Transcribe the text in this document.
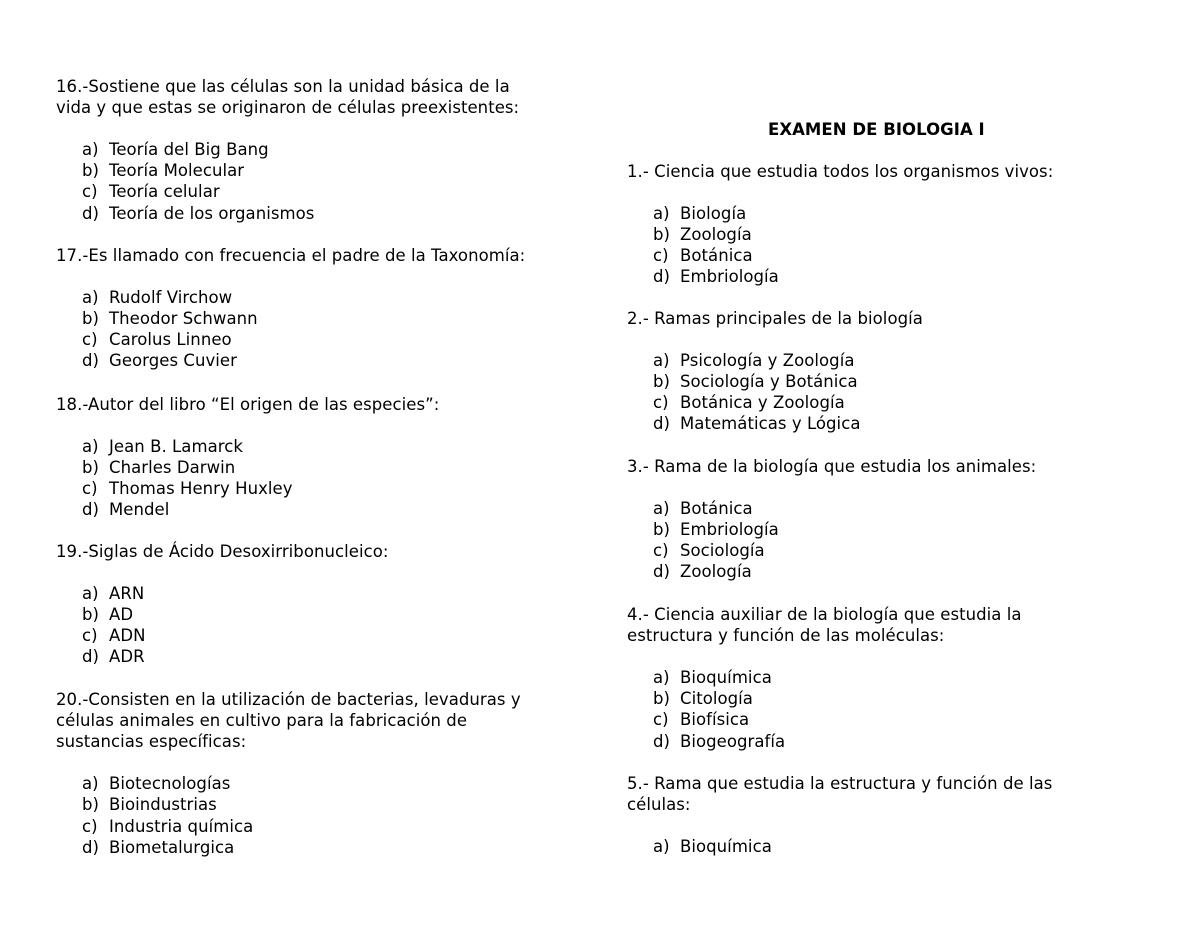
16.-Sostiene que las células son la unidad básica de la
vida y que estas se originaron de células preexistentes:
a) Teoría del Big Bang
b) Teoría Molecular
c) Teoría celular
d) Teoría de los organismos
17.-Es llamado con frecuencia el padre de la Taxonomía:
a) Rudolf Virchow
b) Theodor Schwann
c) Carolus Linneo
d) Georges Cuvier
18.-Autor del libro “El origen de las especies”:
a) Jean B. Lamarck
b) Charles Darwin
c) Thomas Henry Huxley
d) Mendel
19.-Siglas de Ácido Desoxirribonucleico:
a) ARN
b) AD
c) ADN
d) ADR
20.-Consisten en la utilización de bacterias, levaduras y
células animales en cultivo para la fabricación de
sustancias específicas:
a) Biotecnologías
b) Bioindustrias
c) Industria química
d) Biometalurgica
EXAMEN DE BIOLOGIA I
1.- Ciencia que estudia todos los organismos vivos:
a) Biología
b) Zoología
c) Botánica
d) Embriología
2.- Ramas principales de la biología
a) Psicología y Zoología
b) Sociología y Botánica
c) Botánica y Zoología
d) Matemáticas y Lógica
3.- Rama de la biología que estudia los animales:
a) Botánica
b) Embriología
c) Sociología
d) Zoología
4.- Ciencia auxiliar de la biología que estudia la
estructura y función de las moléculas:
a) Bioquímica
b) Citología
c) Biofísica
d) Biogeografía
5.- Rama que estudia la estructura y función de las
células:
a) Bioquímica
